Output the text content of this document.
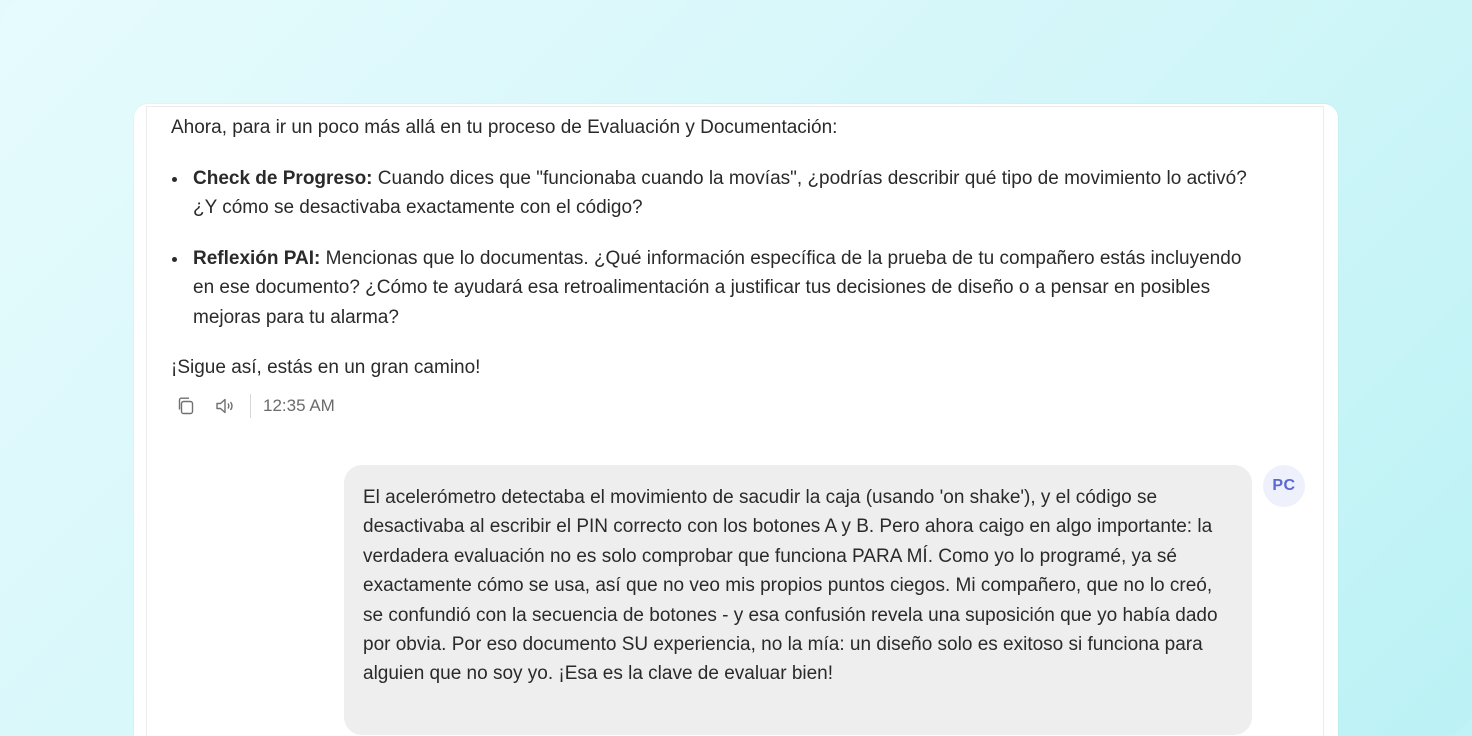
Ahora, para ir un poco más allá en tu proceso de Evaluación y Documentación:

Check de Progreso: Cuando dices que "funcionaba cuando la movías", ¿podrías describir qué tipo de movimiento lo activó? ¿Y cómo se desactivaba exactamente con el código?
Reflexión PAI: Mencionas que lo documentas. ¿Qué información específica de la prueba de tu compañero estás incluyendo en ese documento? ¿Cómo te ayudará esa retroalimentación a justificar tus decisiones de diseño o a pensar en posibles mejoras para tu alarma?

¡Sigue así, estás en un gran camino!

12:35 AM
El acelerómetro detectaba el movimiento de sacudir la caja (usando 'on shake'), y el código se desactivaba al escribir el PIN correcto con los botones A y B. Pero ahora caigo en algo importante: la verdadera evaluación no es solo comprobar que funciona PARA MÍ. Como yo lo programé, ya sé exactamente cómo se usa, así que no veo mis propios puntos ciegos. Mi compañero, que no lo creó, se confundió con la secuencia de botones - y esa confusión revela una suposición que yo había dado por obvia. Por eso documento SU experiencia, no la mía: un diseño solo es exitoso si funciona para alguien que no soy yo. ¡Esa es la clave de evaluar bien!
PC
